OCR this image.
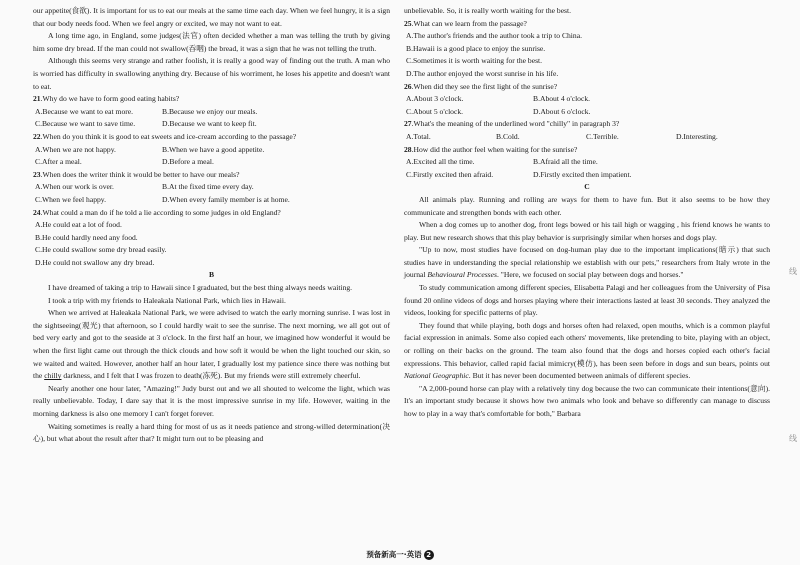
our appetite(食欲). It is important for us to eat our meals at the same time each day. When we feel hungry, it is a sign that our body needs food. When we feel angry or excited, we may not want to eat.

A long time ago, in England, some judges(法官) often decided whether a man was telling the truth by giving him some dry bread. If the man could not swallow(吞咽) the bread, it was a sign that he was not telling the truth.

Although this seems very strange and rather foolish, it is really a good way of finding out the truth. A man who is worried has difficulty in swallowing anything dry. Because of his worriment, he loses his appetite and doesn't want to eat.

21.Why do we have to form good eating habits?

A.Because we want to eat more.	B.Because we enjoy our meals.
C.Because we want to save time.	D.Because we want to keep fit.

22.When do you think it is good to eat sweets and ice-cream according to the passage?

A.When we are not happy.	B.When we have a good appetite.
C.After a meal.	D.Before a meal.

23.When does the writer think it would be better to have our meals?

A.When our work is over.	B.At the fixed time every day.
C.When we feel happy.	D.When every family member is at home.

24.What could a man do if he told a lie according to some judges in old England?

A.He could eat a lot of food.
B.He could hardly need any food.
C.He could swallow some dry bread easily.
D.He could not swallow any dry bread.

B

I have dreamed of taking a trip to Hawaii since I graduated, but the best thing always needs waiting.

I took a trip with my friends to Haleakala National Park, which lies in Hawaii.

When we arrived at Haleakala National Park, we were advised to watch the early morning sunrise. I was lost in the sightseeing(观光) that afternoon, so I could hardly wait to see the sunrise. The next morning, we all got out of bed very early and got to the seaside at 3 o'clock. In the first half an hour, we imagined how wonderful it would be when the first light came out through the thick clouds and how soft it would be when the light touched our skin, so we waited and waited. However, another half an hour later, I gradually lost my patience since there was nothing but the chilly darkness, and I felt that I was frozen to death(冻死). But my friends were still extremely cheerful.

Nearly another one hour later, "Amazing!" Judy burst out and we all shouted to welcome the light, which was really unbelievable. Today, I dare say that it is the most impressive sunrise in my life. However, waiting in the morning darkness is also one memory I can't forget forever.

Waiting sometimes is really a hard thing for most of us as it needs patience and strong-willed determination(决心), but what about the result after that? It might turn out to be pleasing and

unbelievable. So, it is really worth waiting for the best.

25.What can we learn from the passage?

A.The author's friends and the author took a trip to China.
B.Hawaii is a good place to enjoy the sunrise.
C.Sometimes it is worth waiting for the best.
D.The author enjoyed the worst sunrise in his life.

26.When did they see the first light of the sunrise?

A.About 3 o'clock.	B.About 4 o'clock.
C.About 5 o'clock.	D.About 6 o'clock.

27.What's the meaning of the underlined word "chilly" in paragraph 3?

A.Total.	B.Cold.	C.Terrible.	D.Interesting.

28.How did the author feel when waiting for the sunrise?

A.Excited all the time.	B.Afraid all the time.
C.Firstly excited then afraid.	D.Firstly excited then impatient.

C

All animals play. Running and rolling are ways for them to have fun. But it also seems to be how they communicate and strengthen bonds with each other.

When a dog comes up to another dog, front legs bowed or his tail high or wagging , his friend knows he wants to play. But new research shows that this play behavior is surprisingly similar when horses and dogs play.

"Up to now, most studies have focused on dog-human play due to the important implications(暗示) that such studies have in understanding the special relationship we establish with our pets," researchers from Italy wrote in the journal Behavioural Processes. "Here, we focused on social play between dogs and horses."

To study communication among different species, Elisabetta Palagi and her colleagues from the University of Pisa found 20 online videos of dogs and horses playing where their interactions lasted at least 30 seconds. They analyzed the videos, looking for specific patterns of play.

They found that while playing, both dogs and horses often had relaxed, open mouths, which is a common playful facial expression in animals. Some also copied each others' movements, like pretending to bite, playing with an object, or rolling on their backs on the ground. The team also found that the dogs and horses copied each other's facial expressions. This behavior, called rapid facial mimicry(模仿), has been seen before in dogs and sun bears, points out National Geographic. But it has never been documented between animals of different species.

"A 2,000-pound horse can play with a relatively tiny dog because the two can communicate their intentions(意向). It's an important study because it shows how two animals who look and behave so differently can manage to discuss how to play in a way that's comfortable for both," Barbara

线
线
预备新高一·英语 2
